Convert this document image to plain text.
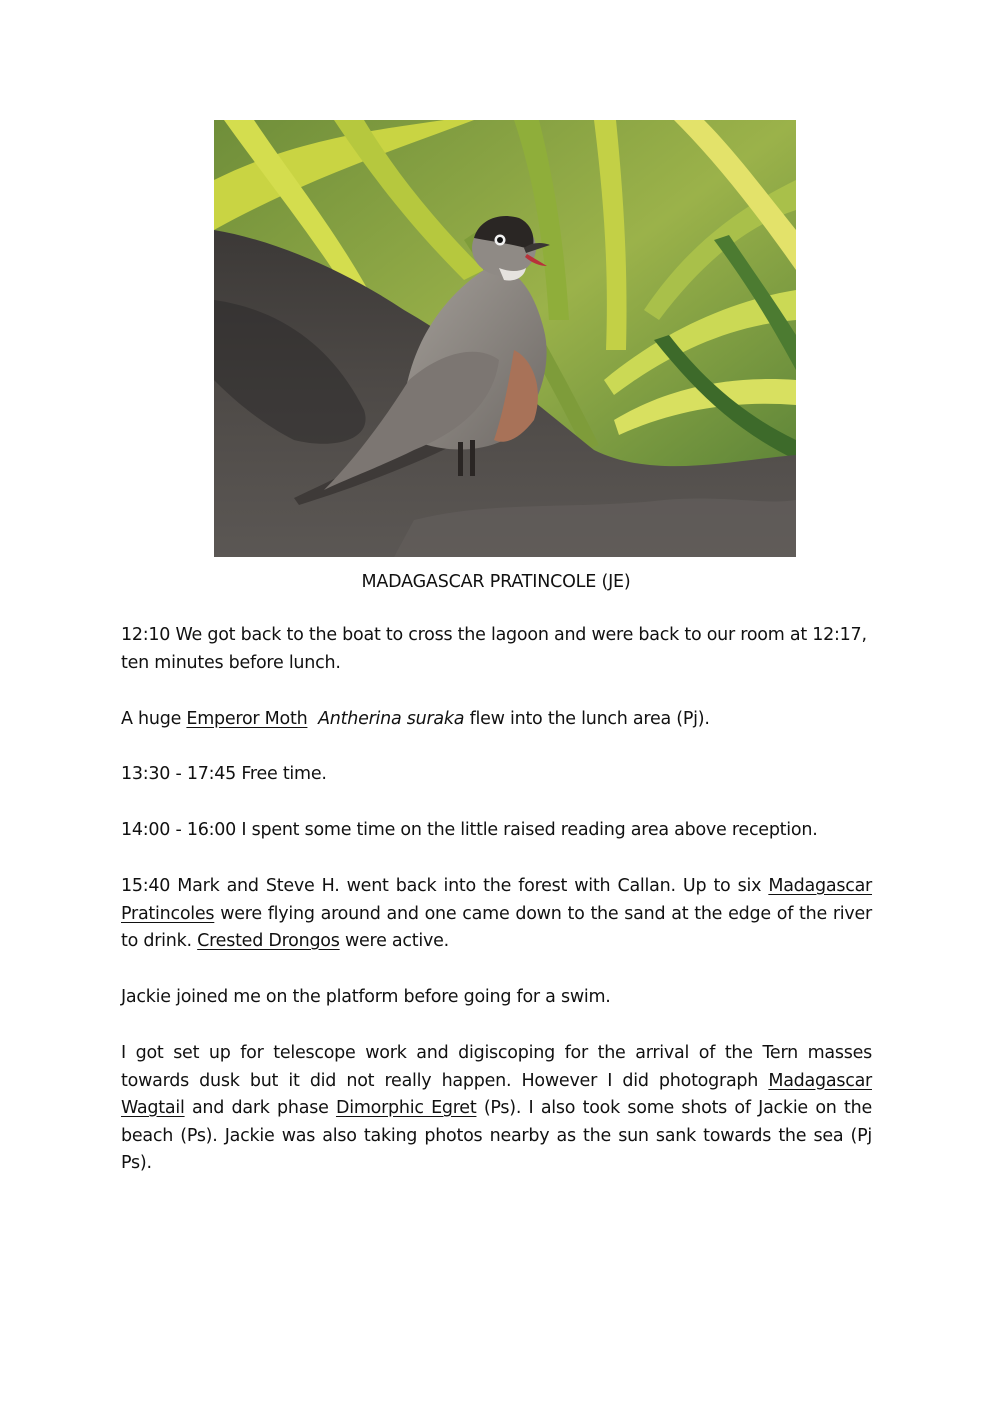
MADAGASCAR PRATINCOLE (JE)

12:10 We got back to the boat to cross the lagoon and were back to our room at 12:17, ten minutes before lunch.

A huge Emperor Moth Antherina suraka flew into the lunch area (Pj).

13:30 - 17:45 Free time.

14:00 - 16:00 I spent some time on the little raised reading area above reception.

15:40 Mark and Steve H. went back into the forest with Callan. Up to six Madagascar Pratincoles were flying around and one came down to the sand at the edge of the river to drink. Crested Drongos were active.

Jackie joined me on the platform before going for a swim.

I got set up for telescope work and digiscoping for the arrival of the Tern masses towards dusk but it did not really happen. However I did photograph Madagascar Wagtail and dark phase Dimorphic Egret (Ps). I also took some shots of Jackie on the beach (Ps). Jackie was also taking photos nearby as the sun sank towards the sea (Pj Ps).
